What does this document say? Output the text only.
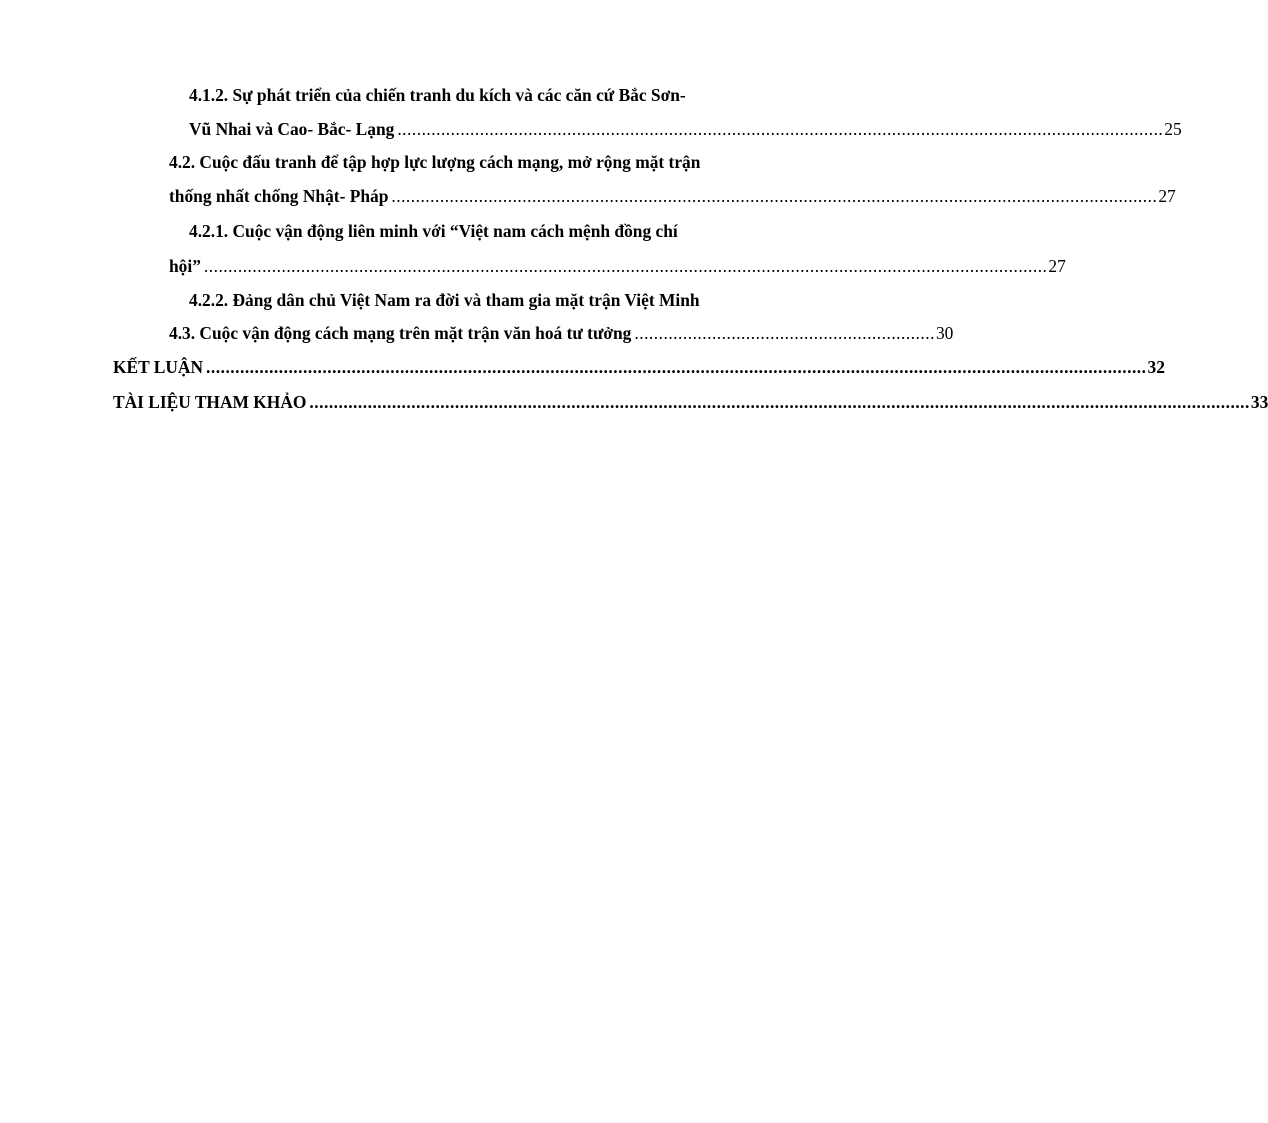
4.1.2. Sự phát triển của chiến tranh du kích và các căn cứ Bắc Sơn-
Vũ Nhai và Cao- Bắc- Lạng .............................................................................................................................................................. 25
4.2. Cuộc đấu tranh để tập hợp lực lượng cách mạng, mở rộng mặt trận
thống nhất chống Nhật- Pháp .............................................................................................................................................................. 27
4.2.1. Cuộc vận động liên minh với “Việt nam cách mệnh đồng chí
hội” .............................................................................................................................................................................. 27
4.2.2. Đảng dân chủ Việt Nam ra đời và tham gia mặt trận Việt Minh
4.3. Cuộc vận động cách mạng trên mặt trận văn hoá tư tưởng .............................................................. 30
KẾT LUẬN .................................................................................................................................................................................................. 32
TÀI LIỆU THAM KHẢO .................................................................................................................................................................................................. 33
